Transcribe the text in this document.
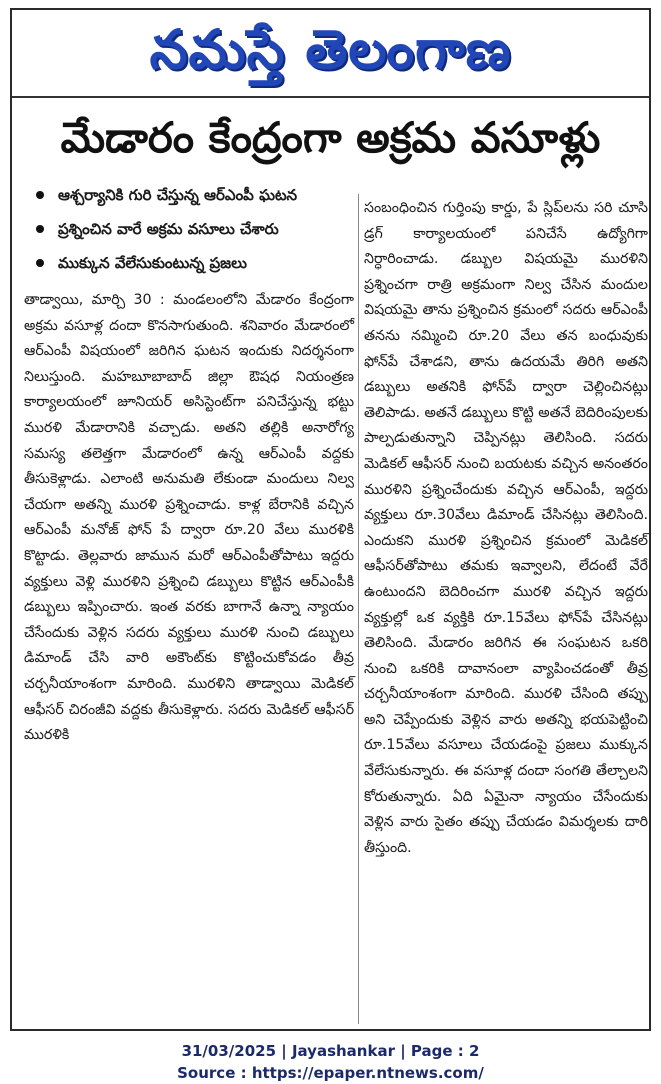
నమస్తే తెలంగాణ
మేడారం కేంద్రంగా అక్రమ వసూళ్లు
ఆశ్చర్యానికి గురి చేస్తున్న ఆర్ఎంపీ ఘటన
ప్రశ్నించిన వారే అక్రమ వసూలు చేశారు
ముక్కున వేలేసుకుంటున్న ప్రజలు

తాడ్వాయి, మార్చి 30 : మండలంలోని మేడారం కేంద్రంగా అక్రమ వసూళ్ల దందా కొనసాగుతుంది. శనివారం మేడారంలో ఆర్ఎంపీ విషయంలో జరిగిన ఘటన ఇందుకు నిదర్శనంగా నిలుస్తుంది. మహబూబాబాద్ జిల్లా ఔషధ నియంత్రణ కార్యాలయంలో జూనియర్ అసిస్టెంట్‌గా పనిచేస్తున్న భట్టు మురళి మేడారానికి వచ్చాడు. అతని తల్లికి అనారోగ్య సమస్య తలెత్తగా మేడారంలో ఉన్న ఆర్ఎంపీ వద్దకు తీసుకెళ్లాడు. ఎలాంటి అనుమతి లేకుండా మందులు నిల్వ చేయగా అతన్ని మురళి ప్రశ్నించాడు. కాళ్ల బేరానికి వచ్చిన ఆర్ఎంపీ మనోజ్ ఫోన్ పే ద్వారా రూ.20 వేలు మురళికి కొట్టాడు. తెల్లవారు జామున మరో ఆర్ఎంపీతోపాటు ఇద్దరు వ్యక్తులు వెళ్లి మురళిని ప్రశ్నించి డబ్బులు కొట్టిన ఆర్ఎంపీకి డబ్బులు ఇప్పించారు. ఇంత వరకు బాగానే ఉన్నా న్యాయం చేసేందుకు వెళ్లిన సదరు వ్యక్తులు మురళి నుంచి డబ్బులు డిమాండ్ చేసి వారి అకౌంట్‌కు కొట్టించుకోవడం తీవ్ర చర్చనీయాంశంగా మారింది. మురళిని తాడ్వాయి మెడికల్ ఆఫీసర్ చిరంజీవి వద్దకు తీసుకెళ్లారు. సదరు మెడికల్ ఆఫీసర్ మురళికి

సంబంధించిన గుర్తింపు కార్డు, పే స్లిప్‌లను సరి చూసి డ్రగ్ కార్యాలయంలో పనిచేసే ఉద్యోగిగా నిర్ధారించాడు. డబ్బుల విషయమై మురళిని ప్రశ్నించగా రాత్రి అక్రమంగా నిల్వ చేసిన మందుల విషయమై తాను ప్రశ్నించిన క్రమంలో సదరు ఆర్ఎంపీ తనను నమ్మించి రూ.20 వేలు తన బంధువుకు ఫోన్‌పే చేశాడని, తాను ఉదయమే తిరిగి అతని డబ్బులు అతనికి ఫోన్‌పే ద్వారా చెల్లించినట్లు తెలిపాడు. అతనే డబ్బులు కొట్టి అతనే బెదిరింపులకు పాల్పడుతున్నాని చెప్పినట్లు తెలిసింది. సదరు మెడికల్ ఆఫీసర్ నుంచి బయటకు వచ్చిన అనంతరం మురళిని ప్రశ్నించేందుకు వచ్చిన ఆర్ఎంపీ, ఇద్దరు వ్యక్తులు రూ.30వేలు డిమాండ్ చేసినట్లు తెలిసింది. ఎందుకని మురళి ప్రశ్నించిన క్రమంలో మెడికల్ ఆఫీసర్‌తోపాటు తమకు ఇవ్వాలని, లేదంటే వేరే ఉంటుందని బెదిరించగా మురళి వచ్చిన ఇద్దరు వ్యక్తుల్లో ఒక వ్యక్తికి రూ.15వేలు ఫోన్‌పే చేసినట్లు తెలిసింది. మేడారం జరిగిన ఈ సంఘటన ఒకరి నుంచి ఒకరికి దావానంలా వ్యాపించడంతో తీవ్ర చర్చనీయాంశంగా మారింది. మురళి చేసింది తప్పు అని చెప్పేందుకు వెళ్లిన వారు అతన్ని భయపెట్టించి రూ.15వేలు వసూలు చేయడంపై ప్రజలు ముక్కున వేలేసుకున్నారు. ఈ వసూళ్ల దందా సంగతి తేల్చాలని కోరుతున్నారు. ఏది ఏమైనా న్యాయం చేసేందుకు వెళ్లిన వారు సైతం తప్పు చేయడం విమర్శలకు దారి తీస్తుంది.

31/03/2025 | Jayashankar | Page : 2
Source : https://epaper.ntnews.com/
